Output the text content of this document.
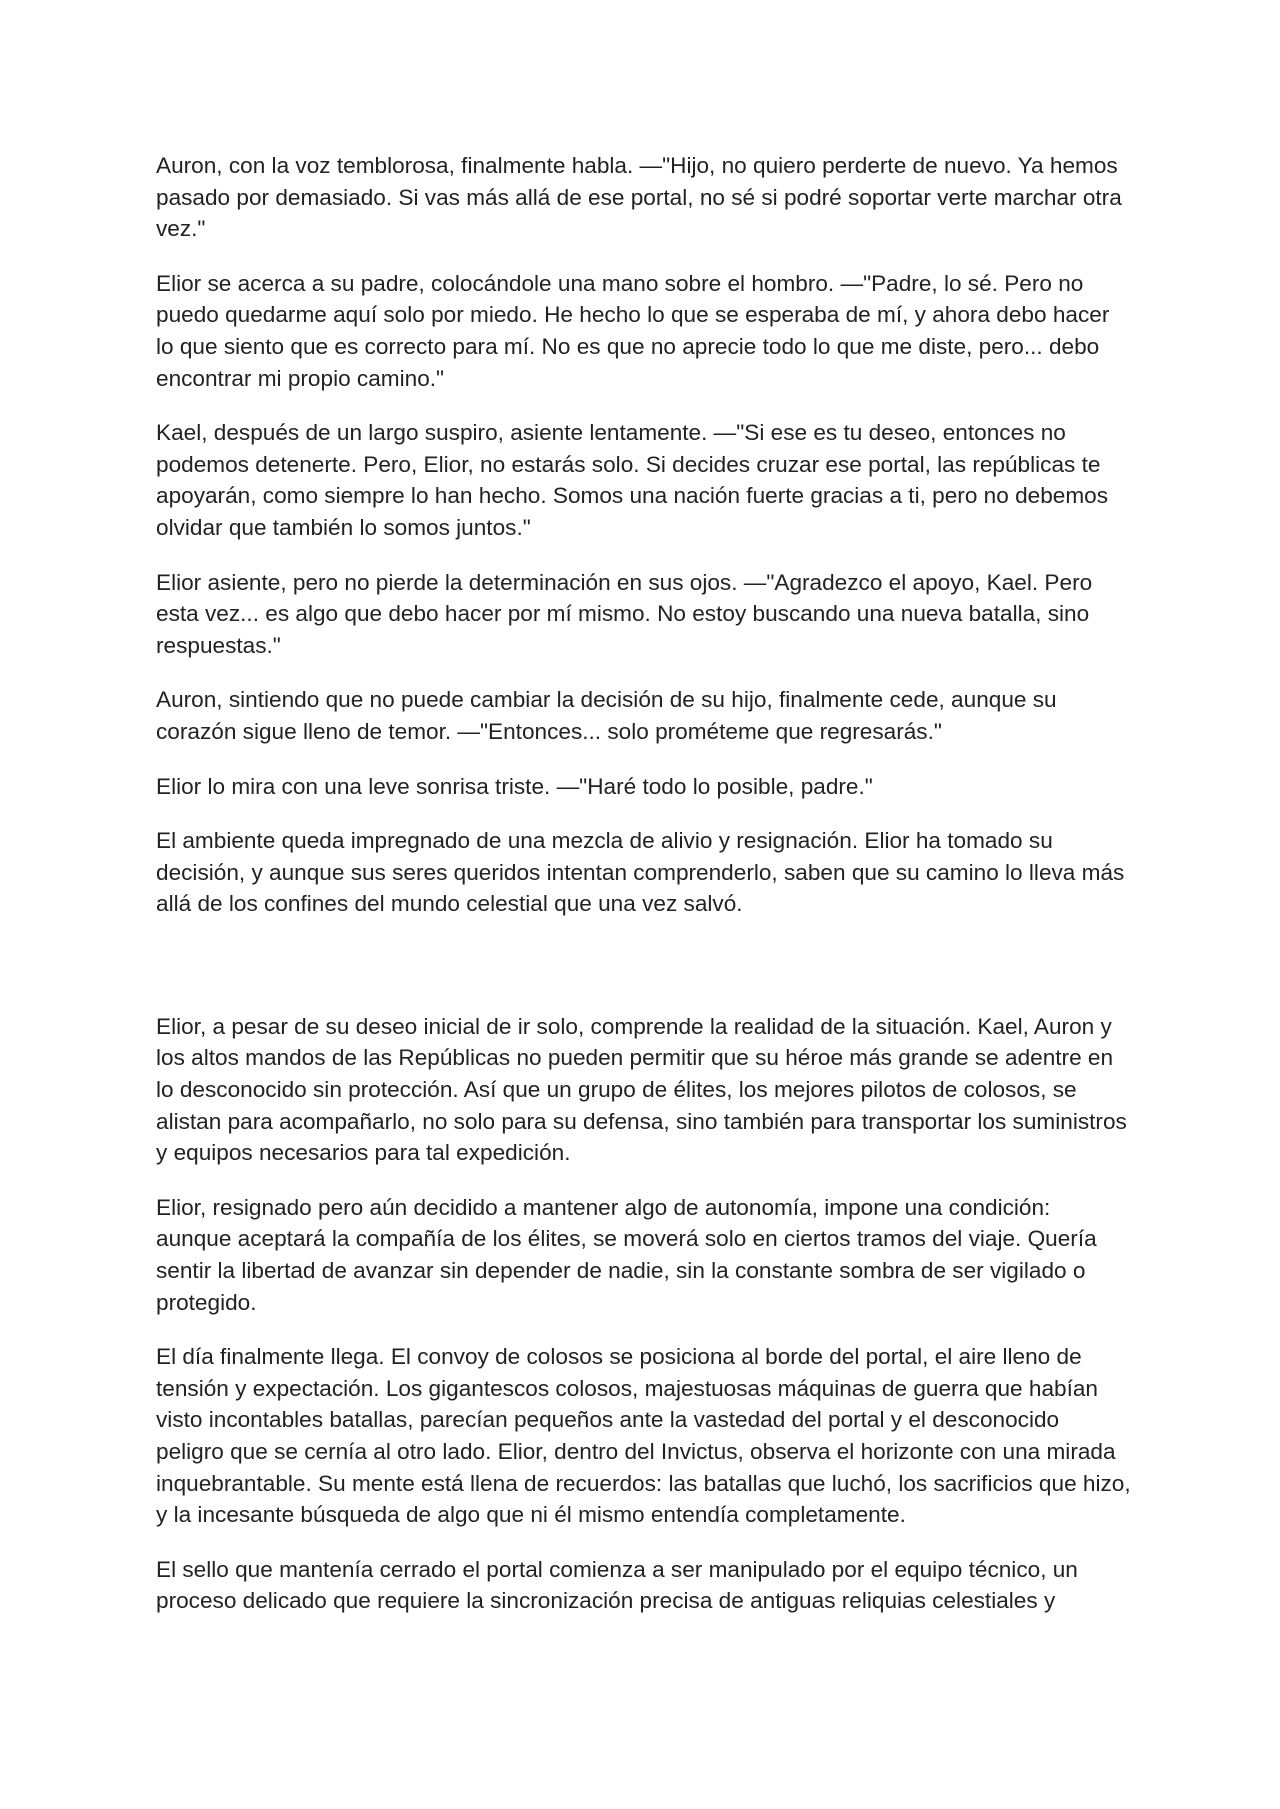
Auron, con la voz temblorosa, finalmente habla. —"Hijo, no quiero perderte de nuevo. Ya hemos pasado por demasiado. Si vas más allá de ese portal, no sé si podré soportar verte marchar otra vez."

Elior se acerca a su padre, colocándole una mano sobre el hombro. —"Padre, lo sé. Pero no puedo quedarme aquí solo por miedo. He hecho lo que se esperaba de mí, y ahora debo hacer lo que siento que es correcto para mí. No es que no aprecie todo lo que me diste, pero... debo encontrar mi propio camino."

Kael, después de un largo suspiro, asiente lentamente. —"Si ese es tu deseo, entonces no podemos detenerte. Pero, Elior, no estarás solo. Si decides cruzar ese portal, las repúblicas te apoyarán, como siempre lo han hecho. Somos una nación fuerte gracias a ti, pero no debemos olvidar que también lo somos juntos."

Elior asiente, pero no pierde la determinación en sus ojos. —"Agradezco el apoyo, Kael. Pero esta vez... es algo que debo hacer por mí mismo. No estoy buscando una nueva batalla, sino respuestas."

Auron, sintiendo que no puede cambiar la decisión de su hijo, finalmente cede, aunque su corazón sigue lleno de temor. —"Entonces... solo prométeme que regresarás."

Elior lo mira con una leve sonrisa triste. —"Haré todo lo posible, padre."

El ambiente queda impregnado de una mezcla de alivio y resignación. Elior ha tomado su decisión, y aunque sus seres queridos intentan comprenderlo, saben que su camino lo lleva más allá de los confines del mundo celestial que una vez salvó.

Elior, a pesar de su deseo inicial de ir solo, comprende la realidad de la situación. Kael, Auron y los altos mandos de las Repúblicas no pueden permitir que su héroe más grande se adentre en lo desconocido sin protección. Así que un grupo de élites, los mejores pilotos de colosos, se alistan para acompañarlo, no solo para su defensa, sino también para transportar los suministros y equipos necesarios para tal expedición.

Elior, resignado pero aún decidido a mantener algo de autonomía, impone una condición: aunque aceptará la compañía de los élites, se moverá solo en ciertos tramos del viaje. Quería sentir la libertad de avanzar sin depender de nadie, sin la constante sombra de ser vigilado o protegido.

El día finalmente llega. El convoy de colosos se posiciona al borde del portal, el aire lleno de tensión y expectación. Los gigantescos colosos, majestuosas máquinas de guerra que habían visto incontables batallas, parecían pequeños ante la vastedad del portal y el desconocido peligro que se cernía al otro lado. Elior, dentro del Invictus, observa el horizonte con una mirada inquebrantable. Su mente está llena de recuerdos: las batallas que luchó, los sacrificios que hizo, y la incesante búsqueda de algo que ni él mismo entendía completamente.

El sello que mantenía cerrado el portal comienza a ser manipulado por el equipo técnico, un proceso delicado que requiere la sincronización precisa de antiguas reliquias celestiales y
